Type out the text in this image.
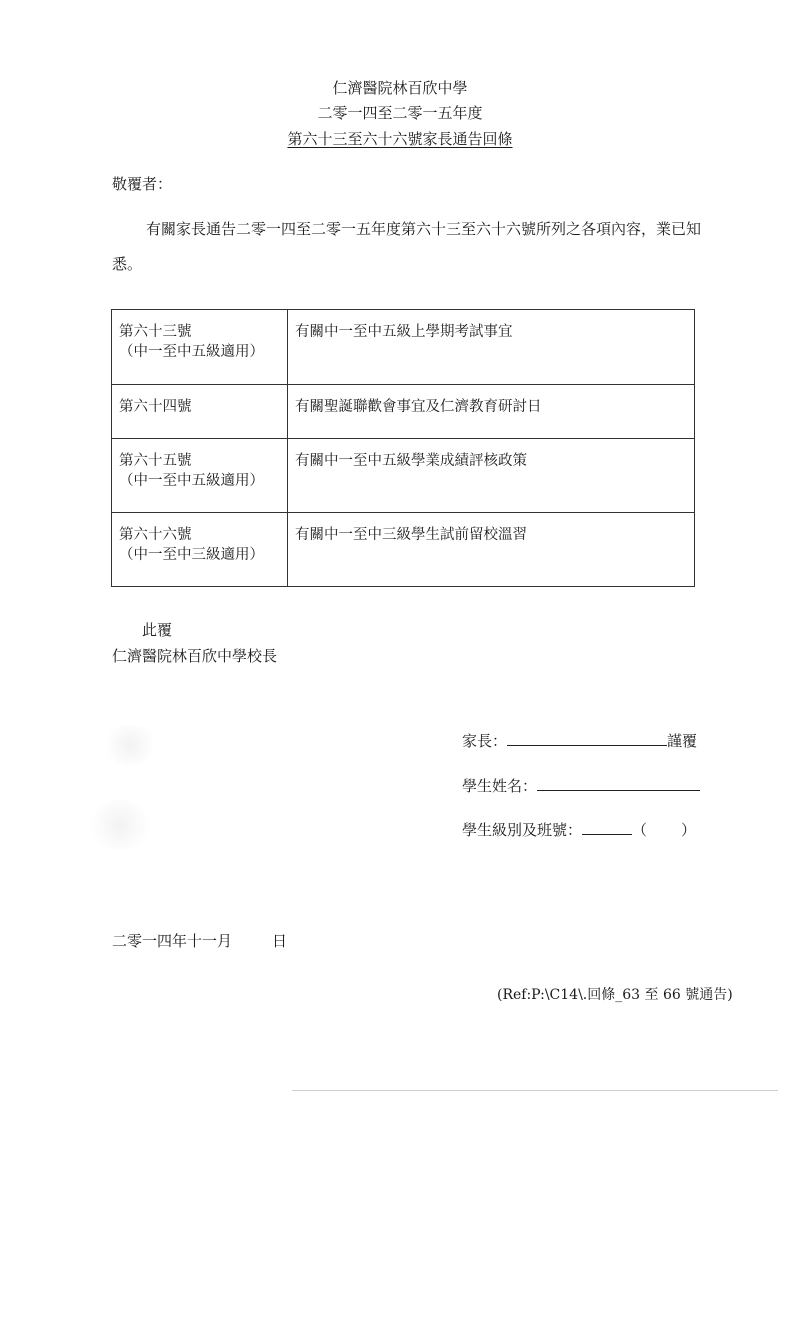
仁濟醫院林百欣中學
二零一四至二零一五年度
第六十三至六十六號家長通告回條
敬覆者：
有關家長通告二零一四至二零一五年度第六十三至六十六號所列之各項內容，業已知悉。
第六十三號
（中一至中五級適用）	有關中一至中五級上學期考試事宜

第六十四號	有關聖誕聯歡會事宜及仁濟教育研討日

第六十五號
（中一至中五級適用）	有關中一至中五級學業成績評核政策

第六十六號
（中一至中三級適用）	有關中一至中三級學生試前留校溫習
此覆
仁濟醫院林百欣中學校長
家長：	謹覆
學生姓名：
學生級別及班號：	（ ）
二零一四年十一月	日
(Ref:P:\C14\.回條_63 至 66 號通告)
